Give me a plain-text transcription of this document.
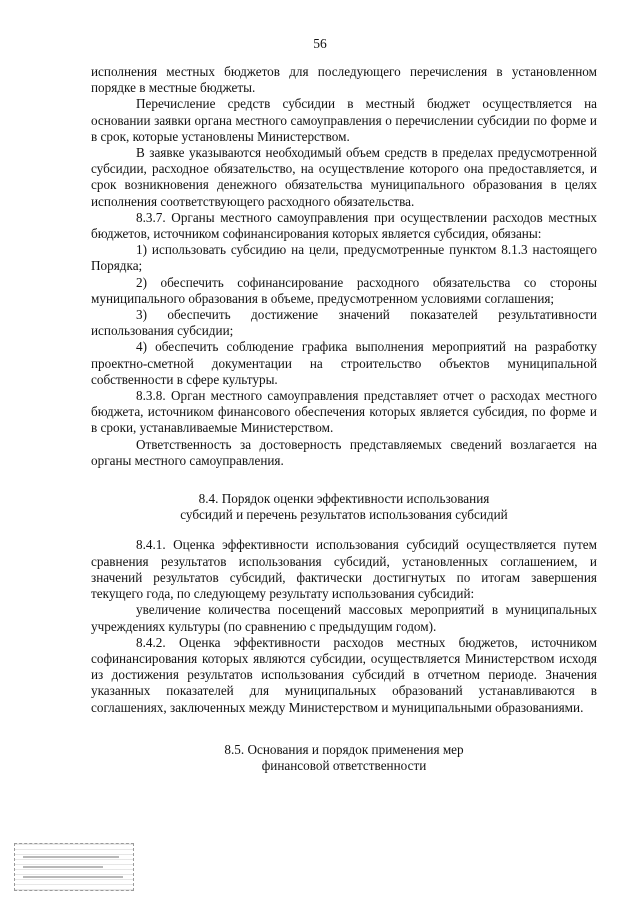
56

исполнения местных бюджетов для последующего перечисления в установленном порядке в местные бюджеты.

Перечисление средств субсидии в местный бюджет осуществляется на основании заявки органа местного самоуправления о перечислении субсидии по форме и в срок, которые установлены Министерством.

В заявке указываются необходимый объем средств в пределах предусмотренной субсидии, расходное обязательство, на осуществление которого она предоставляется, и срок возникновения денежного обязательства муниципального образования в целях исполнения соответствующего расходного обязательства.

8.3.7. Органы местного самоуправления при осуществлении расходов местных бюджетов, источником софинансирования которых является субсидия, обязаны:

1) использовать субсидию на цели, предусмотренные пунктом 8.1.3 настоящего Порядка;

2) обеспечить софинансирование расходного обязательства со стороны муниципального образования в объеме, предусмотренном условиями соглашения;

3) обеспечить достижение значений показателей результативности использования субсидии;

4) обеспечить соблюдение графика выполнения мероприятий на разработку проектно-сметной документации на строительство объектов муниципальной собственности в сфере культуры.

8.3.8. Орган местного самоуправления представляет отчет о расходах местного бюджета, источником финансового обеспечения которых является субсидия, по форме и в сроки, устанавливаемые Министерством.

Ответственность за достоверность представляемых сведений возлагается на органы местного самоуправления.

8.4. Порядок оценки эффективности использования
субсидий и перечень результатов использования субсидий

8.4.1. Оценка эффективности использования субсидий осуществляется путем сравнения результатов использования субсидий, установленных соглашением, и значений результатов субсидий, фактически достигнутых по итогам завершения текущего года, по следующему результату использования субсидий:

увеличение количества посещений массовых мероприятий в муниципальных учреждениях культуры (по сравнению с предыдущим годом).

8.4.2. Оценка эффективности расходов местных бюджетов, источником софинансирования которых являются субсидии, осуществляется Министерством исходя из достижения результатов использования субсидий в отчетном периоде. Значения указанных показателей для муниципальных образований устанавливаются в соглашениях, заключенных между Министерством и муниципальными образованиями.

8.5. Основания и порядок применения мер
финансовой ответственности
